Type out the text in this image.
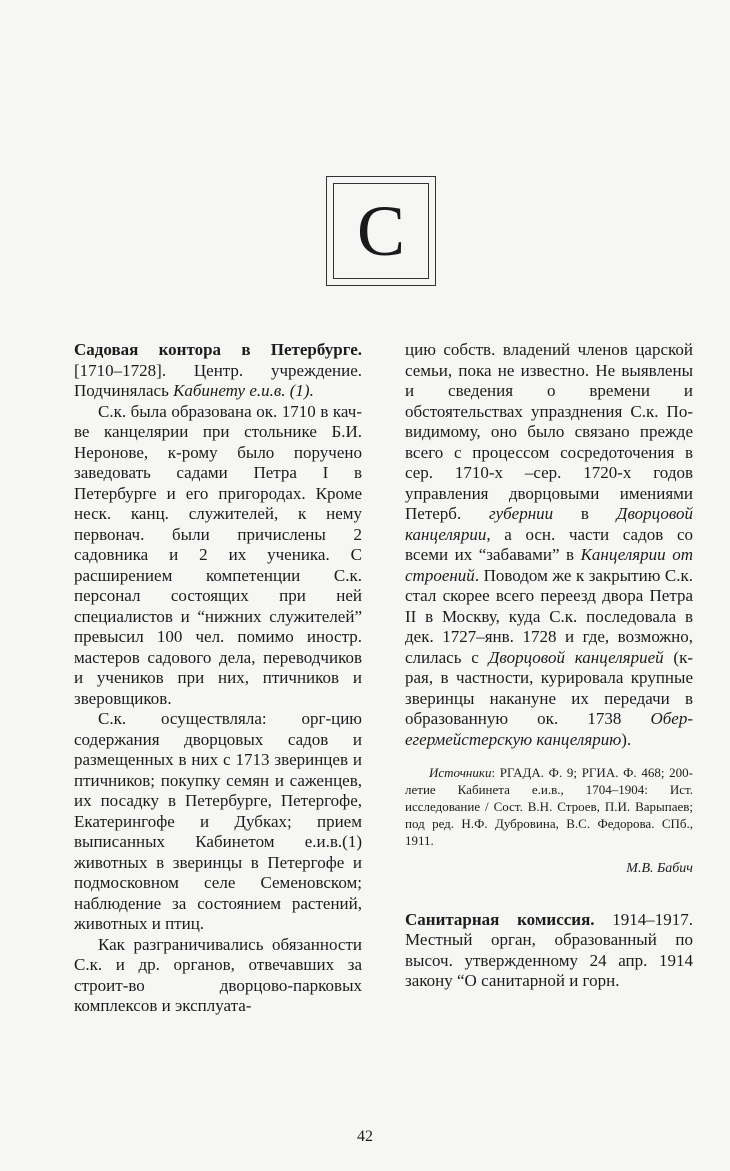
С

Садовая контора в Петербурге. [1710–1728]. Центр. учреждение. Подчинялась Кабинету е.и.в. (1).

С.к. была образована ок. 1710 в кач-ве канцелярии при стольнике Б.И. Неронове, к-рому было поручено заведовать садами Петра I в Петербурге и его пригородах. Кроме неск. канц. служителей, к нему первонач. были причислены 2 садовника и 2 их ученика. С расширением компетенции С.к. персонал состоящих при ней специалистов и “нижних служителей” превысил 100 чел. помимо иностр. мастеров садового дела, переводчиков и учеников при них, птичников и зверовщиков.

С.к. осуществляла: орг-цию содержания дворцовых садов и размещенных в них с 1713 зверинцев и птичников; покупку семян и саженцев, их посадку в Петербурге, Петергофе, Екатерингофе и Дубках; прием выписанных Кабинетом е.и.в.(1) животных в зверинцы в Петергофе и подмосковном селе Семеновском; наблюдение за состоянием растений, животных и птиц.

Как разграничивались обязанности С.к. и др. органов, отвечавших за строит-во дворцово-парковых комплексов и эксплуата-

цию собств. владений членов царской семьи, пока не известно. Не выявлены и сведения о времени и обстоятельствах упразднения С.к. По-видимому, оно было связано прежде всего с процессом сосредоточения в сер. 1710-х –сер. 1720-х годов управления дворцовыми имениями Петерб. губернии в Дворцовой канцелярии, а осн. части садов со всеми их “забавами” в Канцелярии от строений. Поводом же к закрытию С.к. стал скорее всего переезд двора Петра II в Москву, куда С.к. последовала в дек. 1727–янв. 1728 и где, возможно, слилась с Дворцовой канцелярией (к-рая, в частности, курировала крупные зверинцы накануне их передачи в образованную ок. 1738 Обер-егермейстерскую канцелярию).

Источники: РГАДА. Ф. 9; РГИА. Ф. 468; 200-летие Кабинета е.и.в., 1704–1904: Ист. исследование / Сост. В.Н. Строев, П.И. Варыпаев; под ред. Н.Ф. Дубровина, В.С. Федорова. СПб., 1911.

М.В. Бабич

Санитарная комиссия. 1914–1917. Местный орган, образованный по высоч. утвержденному 24 апр. 1914 закону “О санитарной и горн.

42
